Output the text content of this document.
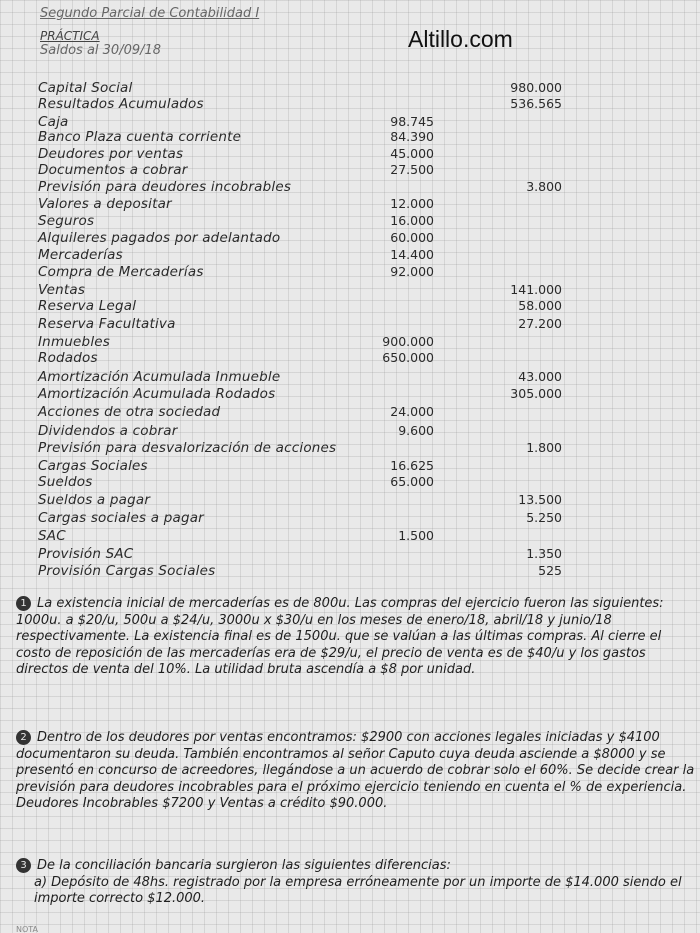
Altillo.com
Segundo Parcial de Contabilidad I
PRÁCTICA
Saldos al 30/09/18
Capital Social	980.000
Resultados Acumulados	536.565
Caja	98.745
Banco Plaza cuenta corriente	84.390
Deudores por ventas	45.000
Documentos a cobrar	27.500
Previsión para deudores incobrables	3.800
Valores a depositar	12.000
Seguros	16.000
Alquileres pagados por adelantado	60.000
Mercaderías	14.400
Compra de Mercaderías	92.000
Ventas	141.000
Reserva Legal	58.000
Reserva Facultativa	27.200
Inmuebles	900.000
Rodados	650.000
Amortización Acumulada Inmueble	43.000
Amortización Acumulada Rodados	305.000
Acciones de otra sociedad	24.000
Dividendos a cobrar	9.600
Previsión para desvalorización de acciones	1.800
Cargas Sociales	16.625
Sueldos	65.000
Sueldos a pagar	13.500
Cargas sociales a pagar	5.250
SAC	1.500
Provisión SAC	1.350
Provisión Cargas Sociales	525
1 La existencia inicial de mercaderías es de 800u. Las compras del ejercicio fueron las siguientes: 1000u. a $20/u, 500u a $24/u, 3000u x $30/u en los meses de enero/18, abril/18 y junio/18 respectivamente. La existencia final es de 1500u. que se valúan a las últimas compras. Al cierre el costo de reposición de las mercaderías era de $29/u, el precio de venta es de $40/u y los gastos directos de venta del 10%. La utilidad bruta ascendía a $8 por unidad.
2 Dentro de los deudores por ventas encontramos: $2900 con acciones legales iniciadas y $4100 documentaron su deuda. También encontramos al señor Caputo cuya deuda asciende a $8000 y se presentó en concurso de acreedores, llegándose a un acuerdo de cobrar solo el 60%. Se decide crear la previsión para deudores incobrables para el próximo ejercicio teniendo en cuenta el % de experiencia. Deudores Incobrables $7200 y Ventas a crédito $90.000.
3 De la conciliación bancaria surgieron las siguientes diferencias:
a) Depósito de 48hs. registrado por la empresa erróneamente por un importe de $14.000 siendo el importe correcto $12.000.
NOTA
